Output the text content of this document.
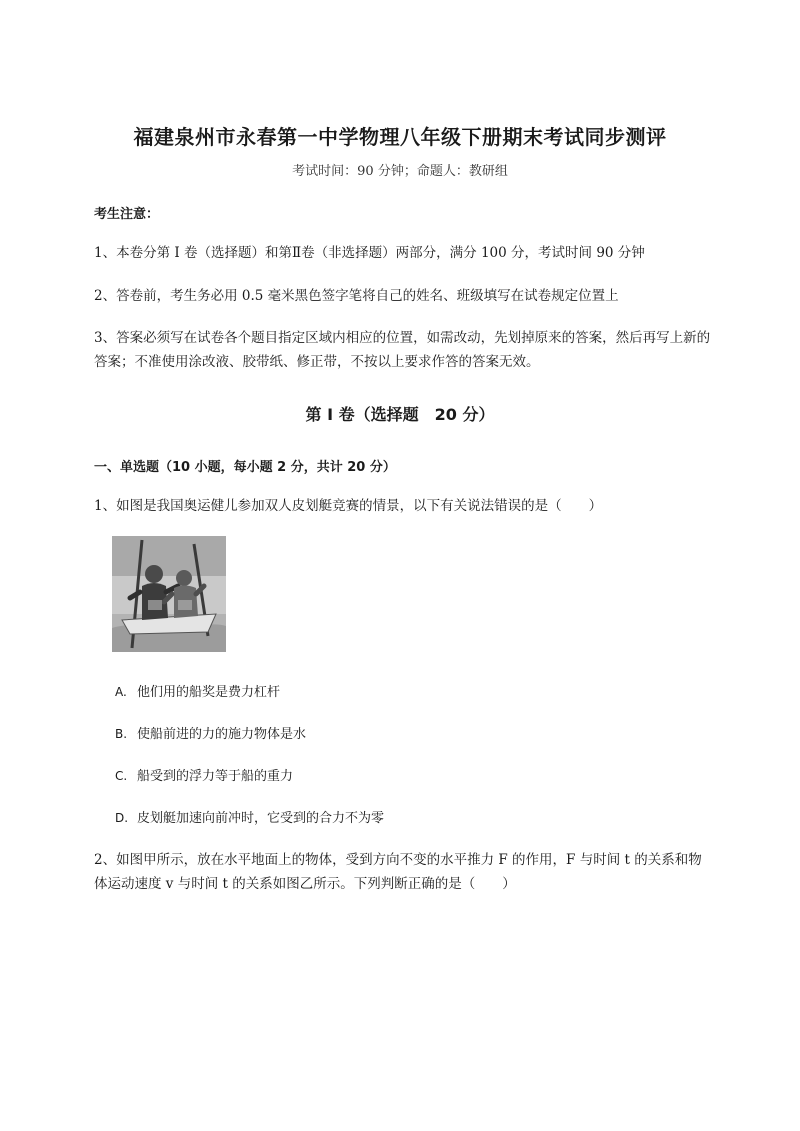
福建泉州市永春第一中学物理八年级下册期末考试同步测评
考试时间：90 分钟；命题人：教研组
考生注意：
1、本卷分第 I 卷（选择题）和第Ⅱ卷（非选择题）两部分，满分 100 分，考试时间 90 分钟
2、答卷前，考生务必用 0.5 毫米黑色签字笔将自己的姓名、班级填写在试卷规定位置上
3、答案必须写在试卷各个题目指定区域内相应的位置，如需改动，先划掉原来的答案，然后再写上新的答案；不准使用涂改液、胶带纸、修正带，不按以上要求作答的答案无效。
第 I 卷（选择题　20 分）
一、单选题（10 小题，每小题 2 分，共计 20 分）
1、如图是我国奥运健儿参加双人皮划艇竞赛的情景，以下有关说法错误的是（　　）
A. 他们用的船奖是费力杠杆
B. 使船前进的力的施力物体是水
C. 船受到的浮力等于船的重力
D. 皮划艇加速向前冲时，它受到的合力不为零
2、如图甲所示，放在水平地面上的物体，受到方向不变的水平推力 F 的作用，F 与时间 t 的关系和物体运动速度 v 与时间 t 的关系如图乙所示。下列判断正确的是（　　）
